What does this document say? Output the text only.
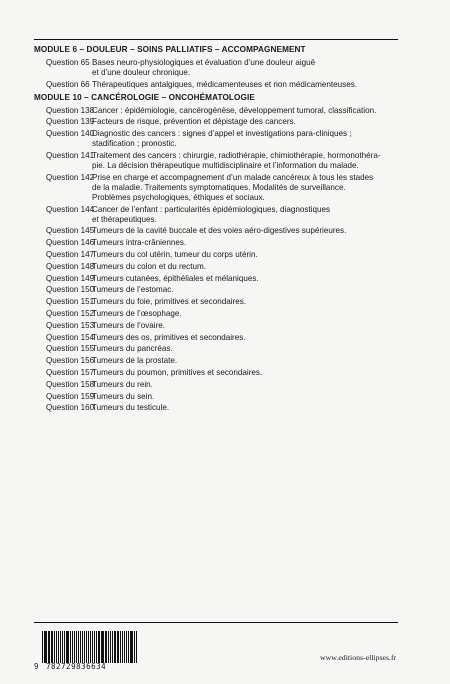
MODULE 6 – DOULEUR – SOINS PALLIATIFS – ACCOMPAGNEMENT
Question 65 Bases neuro-physiologiques et évaluation d’une douleur aiguë
et d’une douleur chronique.
Question 66 Thérapeutiques antalgiques, médicamenteuses et non médicamenteuses.
MODULE 10 – CANCÉROLOGIE – ONCOHÉMATOLOGIE
Question 138
Cancer : épidémiologie, cancérogénèse, développement tumoral, classification.
Question 139
Facteurs de risque, prévention et dépistage des cancers.
Question 140
Diagnostic des cancers : signes d’appel et investigations para-cliniques ;
stadification ; pronostic.
Question 141
Traitement des cancers : chirurgie, radiothérapie, chimiothérapie, hormonothéra-
pie. La décision thérapeutique multidisciplinaire et l’information du malade.
Question 142
Prise en charge et accompagnement d’un malade cancéreux à tous les stades
de la maladie. Traitements symptomatiques. Modalités de surveillance.
Problèmes psychologiques, éthiques et sociaux.
Question 144
Cancer de l’enfant : particularités épidémiologiques, diagnostiques
et thérapeutiques.
Question 145
Tumeurs de la cavité buccale et des voies aéro-digestives supérieures.
Question 146
Tumeurs intra-crâniennes.
Question 147
Tumeurs du col utérin, tumeur du corps utérin.
Question 148
Tumeurs du colon et du rectum.
Question 149
Tumeurs cutanées, épithéliales et mélaniques.
Question 150
Tumeurs de l’estomac.
Question 151
Tumeurs du foie, primitives et secondaires.
Question 152
Tumeurs de l’œsophage.
Question 153
Tumeurs de l’ovaire.
Question 154
Tumeurs des os, primitives et secondaires.
Question 155
Tumeurs du pancréas.
Question 156
Tumeurs de la prostate.
Question 157
Tumeurs du poumon, primitives et secondaires.
Question 158
Tumeurs du rein.
Question 159
Tumeurs du sein.
Question 160
Tumeurs du testicule.
9 782729836634
www.editions-ellipses.fr
